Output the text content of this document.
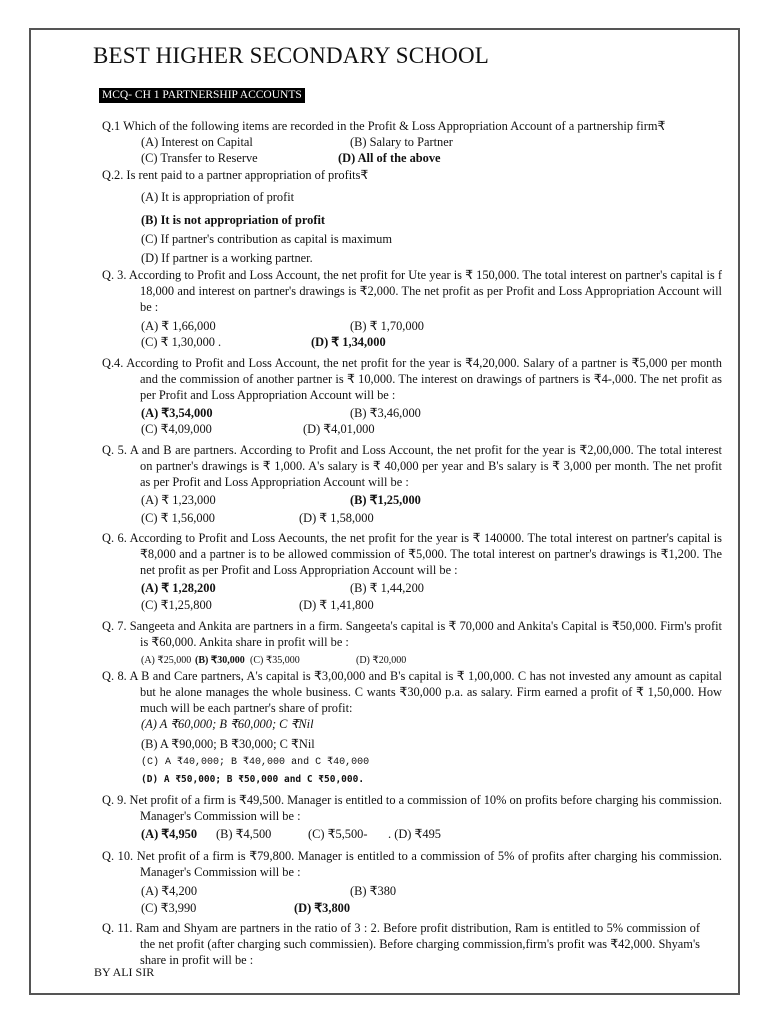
BEST HIGHER SECONDARY SCHOOL
MCQ- CH 1 PARTNERSHIP ACCOUNTS
Q.1 Which of the following items are recorded in the Profit & Loss Appropriation Account of a partnership firm₹
(A) Interest on Capital	(B) Salary to Partner
(C) Transfer to Reserve	(D) All of the above
Q.2. Is rent paid to a partner appropriation of profits₹
(A) It is appropriation of profit
(B) It is not appropriation of profit
(C) If partner's contribution as capital is maximum
(D) If partner is a working partner.
Q. 3. According to Profit and Loss Account, the net profit for Ute year is ₹ 150,000. The total interest on partner's capital is f 18,000 and interest on partner's drawings is ₹2,000. The net profit as per Profit and Loss Appropriation Account will be :
(A) ₹ 1,66,000	(B) ₹ 1,70,000
(C) ₹ 1,30,000 .	(D) ₹ 1,34,000
Q.4. According to Profit and Loss Account, the net profit for the year is ₹4,20,000. Salary of a partner is ₹5,000 per month and the commission of another partner is ₹ 10,000. The interest on drawings of partners is ₹4-,000. The net profit as per Profit and Loss Appropriation Account will be :
(A) ₹3,54,000	(B) ₹3,46,000
(C) ₹4,09,000	(D) ₹4,01,000
Q. 5. A and B are partners. According to Profit and Loss Account, the net profit for the year is ₹2,00,000. The total interest on partner's drawings is ₹ 1,000. A's salary is ₹ 40,000 per year and B's salary is ₹ 3,000 per month. The net profit as per Profit and Loss Appropriation Account will be :
(A) ₹ 1,23,000	(B) ₹1,25,000
(C) ₹ 1,56,000	(D) ₹ 1,58,000
Q. 6. According to Profit and Loss Aecounts, the net profit for the year is ₹ 140000. The total interest on partner's capital is ₹8,000 and a partner is to be allowed commission of ₹5,000. The total interest on partner's drawings is ₹1,200. The net profit as per Profit and Loss Appropriation Account will be :
(A) ₹ 1,28,200	(B) ₹ 1,44,200
(C) ₹1,25,800	(D) ₹ 1,41,800
Q. 7. Sangeeta and Ankita are partners in a firm. Sangeeta's capital is ₹ 70,000 and Ankita's Capital is ₹50,000. Firm's profit is ₹60,000. Ankita share in profit will be :
(A) ₹25,000 (B) ₹30,000 (C) ₹35,000	(D) ₹20,000
Q. 8. A B and Care partners, A's capital is ₹3,00,000 and B's capital is ₹ 1,00,000. C has not invested any amount as capital but he alone manages the whole business. C wants ₹30,000 p.a. as salary. Firm earned a profit of ₹ 1,50,000. How much will be each partner's share of profit:
(A) A ₹60,000; B ₹60,000; C ₹Nil
(B) A ₹90,000; B ₹30,000; C ₹Nil
(C) A ₹40,000; B ₹40,000 and C ₹40,000
(D) A ₹50,000; B ₹50,000 and C ₹50,000.
Q. 9. Net profit of a firm is ₹49,500. Manager is entitled to a commission of 10% on profits before charging his commission. Manager's Commission will be :
(A) ₹4,950 (B) ₹4,500	(C) ₹5,500- . (D) ₹495
Q. 10. Net profit of a firm is ₹79,800. Manager is entitled to a commission of 5% of profits after charging his commission. Manager's Commission will be :
(A) ₹4,200	(B) ₹380
(C) ₹3,990	(D) ₹3,800
Q. 11. Ram and Shyam are partners in the ratio of 3 : 2. Before profit distribution, Ram is entitled to 5% commission of the net profit (after charging such commissien). Before charging commission,firm's profit was ₹42,000. Shyam's share in profit will be :
BY ALI SIR
